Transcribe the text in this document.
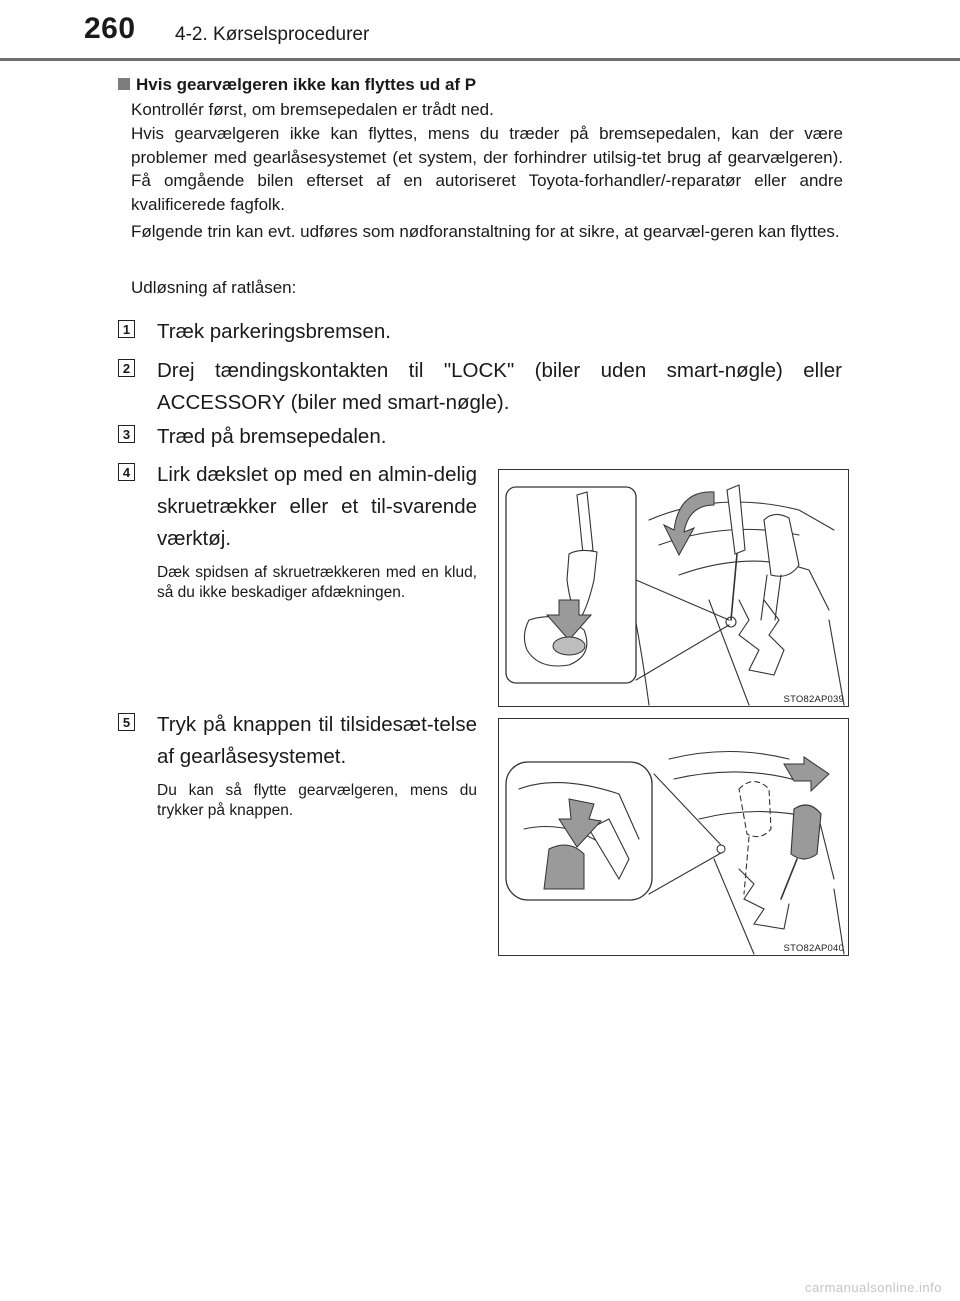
260 4-2. Kørselsprocedurer
Hvis gearvælgeren ikke kan flyttes ud af P
Kontrollér først, om bremsepedalen er trådt ned.
Hvis gearvælgeren ikke kan flyttes, mens du træder på bremsepedalen, kan der være problemer med gearlåsesystemet (et system, der forhindrer utilsig-tet brug af gearvælgeren). Få omgående bilen efterset af en autoriseret Toyota-forhandler/-reparatør eller andre kvalificerede fagfolk.
Følgende trin kan evt. udføres som nødforanstaltning for at sikre, at gearvæl-geren kan flyttes.
Udløsning af ratlåsen:
1 Træk parkeringsbremsen.
2 Drej tændingskontakten til "LOCK" (biler uden smart-nøgle) eller ACCESSORY (biler med smart-nøgle).
3 Træd på bremsepedalen.
4 Lirk dækslet op med en almin-delig skruetrækker eller et til-svarende værktøj.
Dæk spidsen af skruetrækkeren med en klud, så du ikke beskadiger afdækningen.
STO82AP039
5 Tryk på knappen til tilsidesæt-telse af gearlåsesystemet.
Du kan så flytte gearvælgeren, mens du trykker på knappen.
STO82AP040
carmanualsonline.info
